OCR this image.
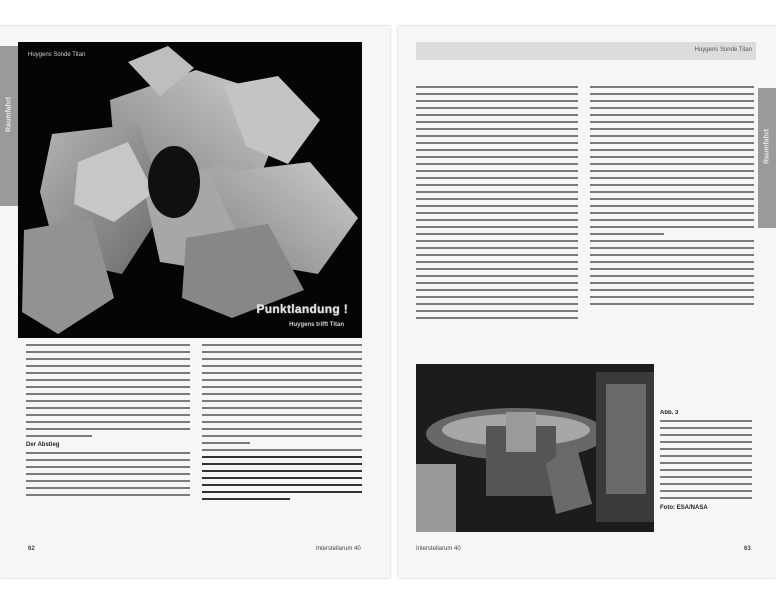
Raumfahrt
Huygens Sonde Titan
Punktlandung !
Huygens trifft Titan
Der Abstieg
62	Interstellarum 40
Huygens Sonde Titan
Raumfahrt
Abb. 3
Foto: ESA/NASA
Interstellarum 40	63
